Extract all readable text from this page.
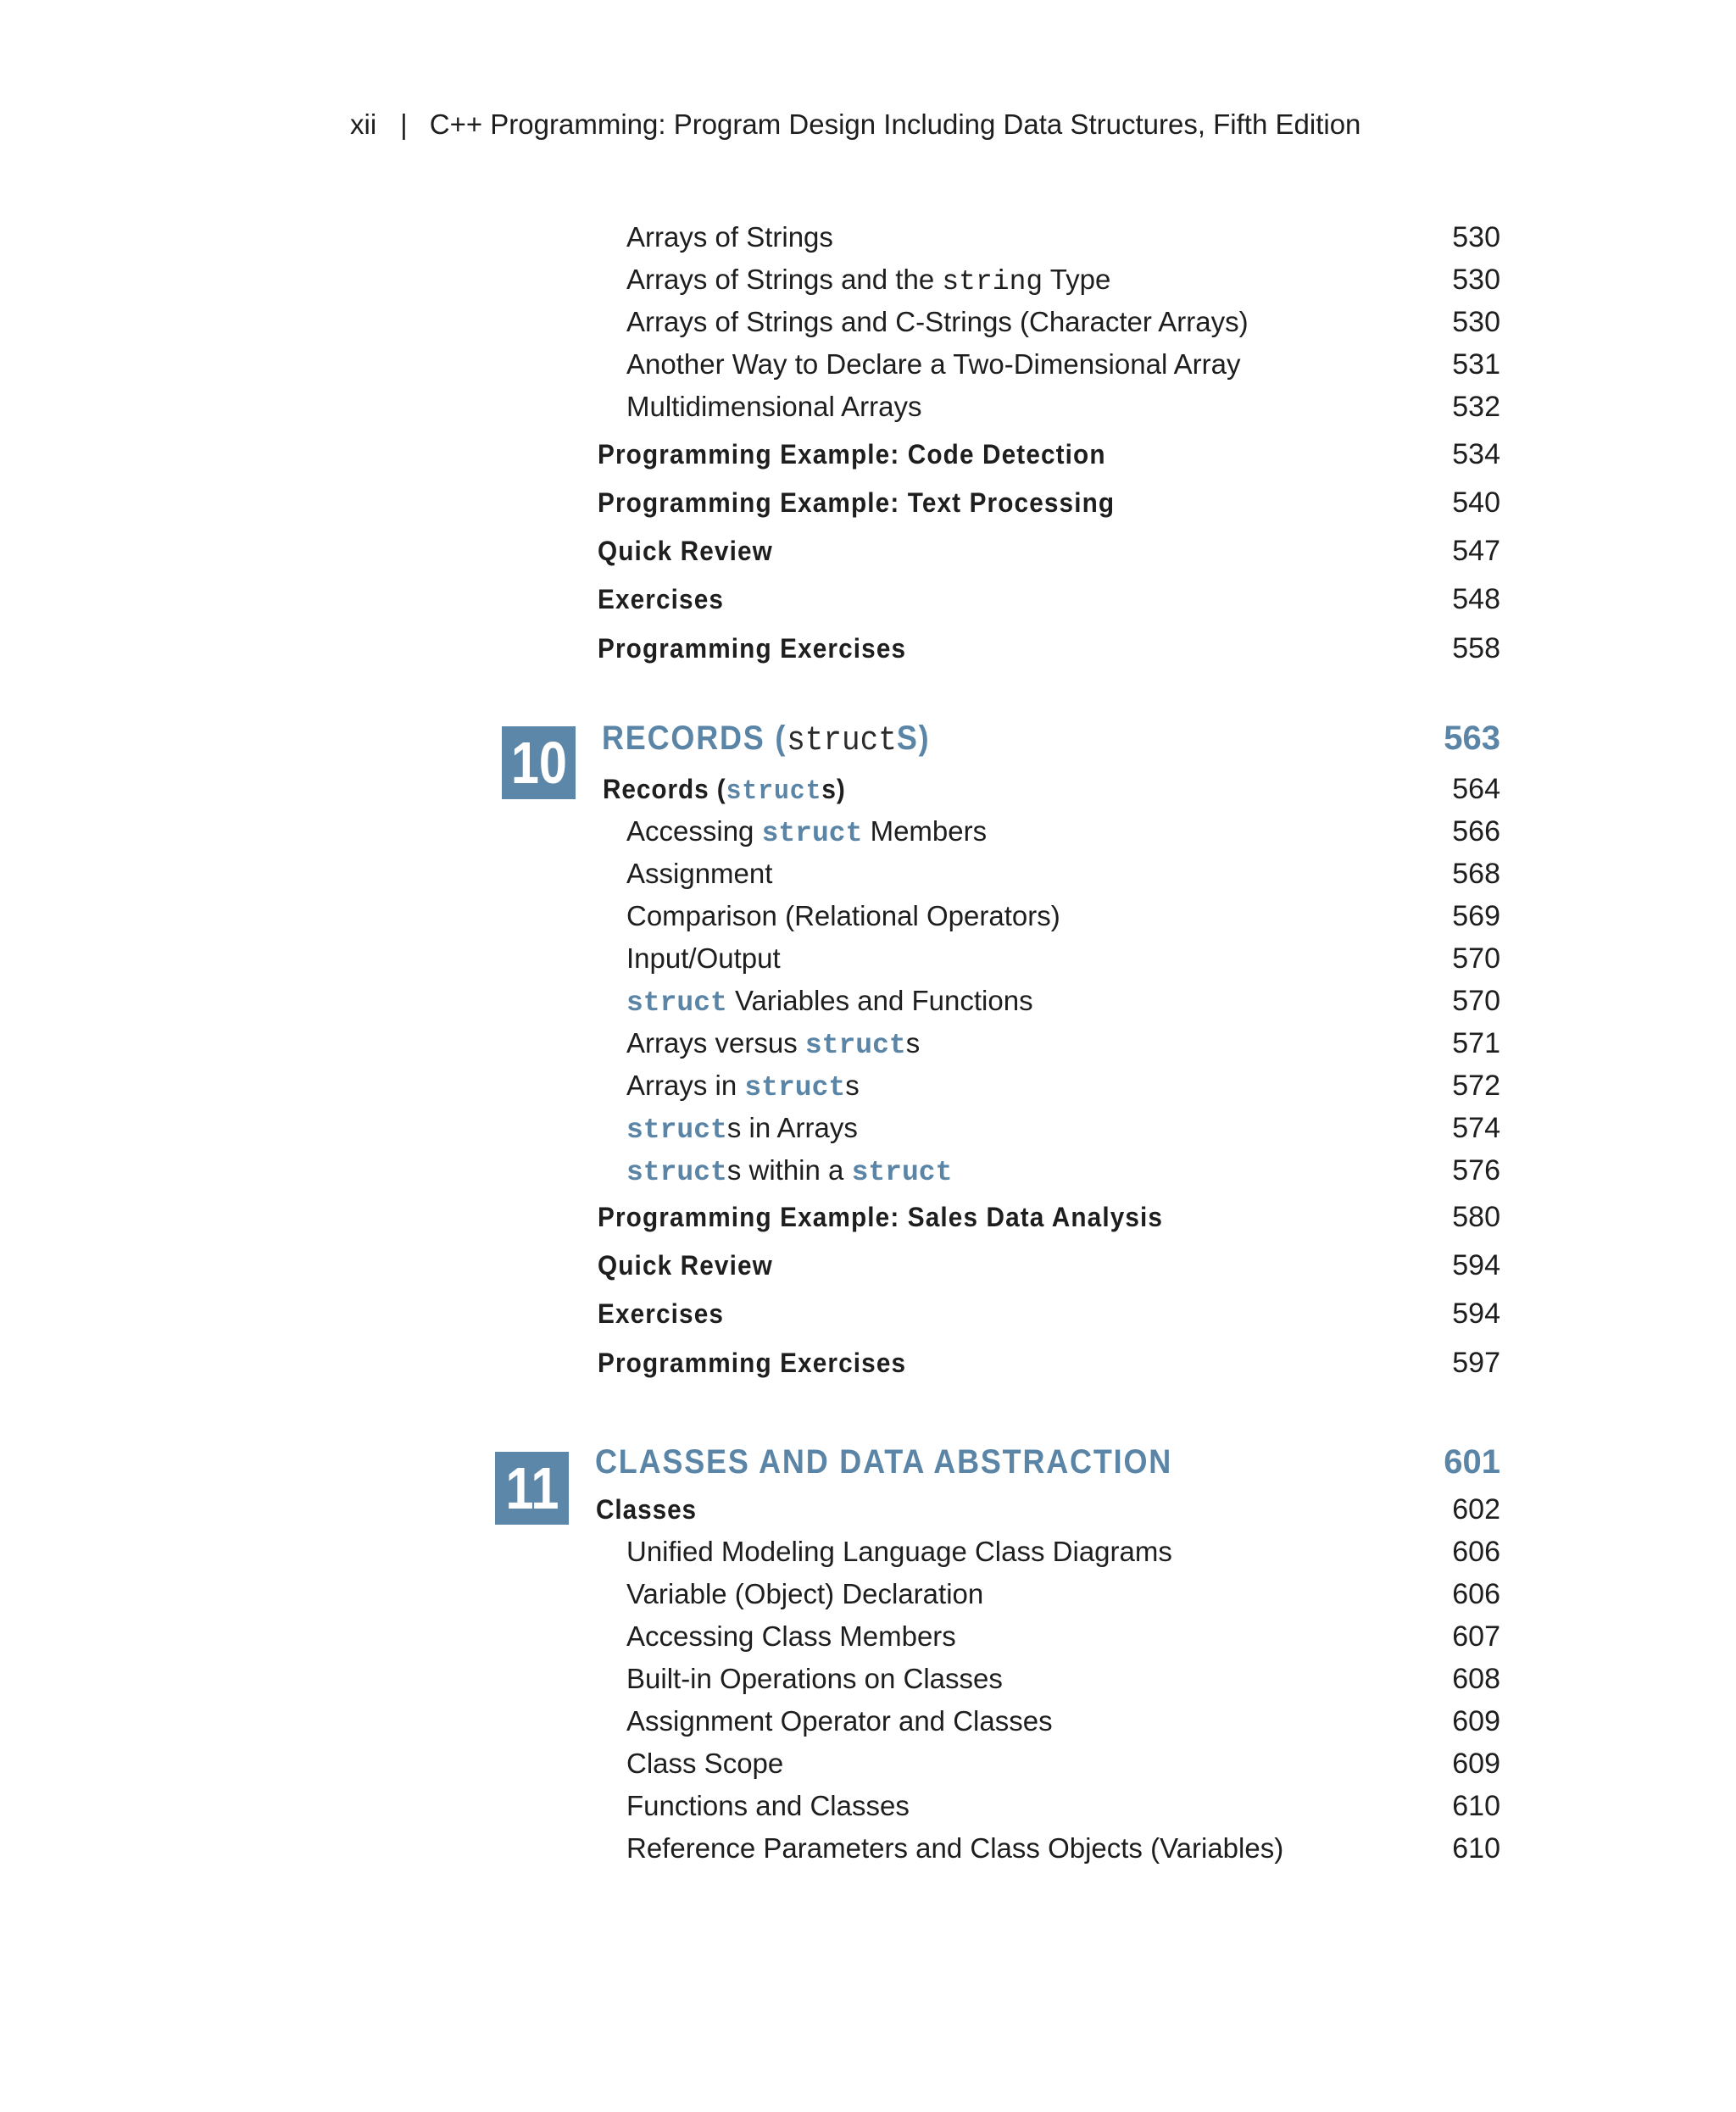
xii | C++ Programming: Program Design Including Data Structures, Fifth Edition
Arrays of Strings	530
Arrays of Strings and the string Type	530
Arrays of Strings and C-Strings (Character Arrays)	530
Another Way to Declare a Two-Dimensional Array	531
Multidimensional Arrays	532
Programming Example: Code Detection	534
Programming Example: Text Processing	540
Quick Review	547
Exercises	548
Programming Exercises	558
10 RECORDS (structS)	563
Records (structs)	564
Accessing struct Members	566
Assignment	568
Comparison (Relational Operators)	569
Input/Output	570
struct Variables and Functions	570
Arrays versus structs	571
Arrays in structs	572
structs in Arrays	574
structs within a struct	576
Programming Example: Sales Data Analysis	580
Quick Review	594
Exercises	594
Programming Exercises	597
11	CLASSES AND DATA ABSTRACTION	601
Classes	602
Unified Modeling Language Class Diagrams	606
Variable (Object) Declaration	606
Accessing Class Members	607
Built-in Operations on Classes	608
Assignment Operator and Classes	609
Class Scope	609
Functions and Classes	610
Reference Parameters and Class Objects (Variables)	610
